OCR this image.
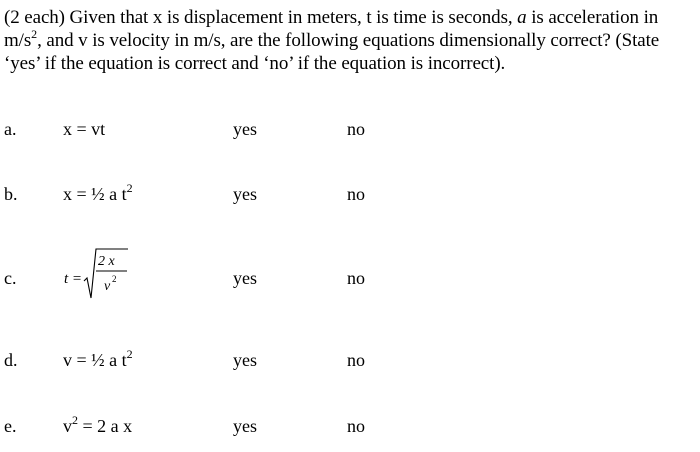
(2 each) Given that x is displacement in meters, t is time is seconds, a is acceleration in

$m/s^2$, and v is velocity in m/s, are the following equations dimensionally correct? (State

‘yes’ if the equation is correct and ‘no’ if the equation is incorrect).

a.	x = vt	yes	no
b.	x = ½ a $t^2$	yes	no
c.	t =
2 x
v 2	yes	no
d.	v = ½ a $t^2$	yes	no
e.	$v^2 = 2$ a x	yes	no
